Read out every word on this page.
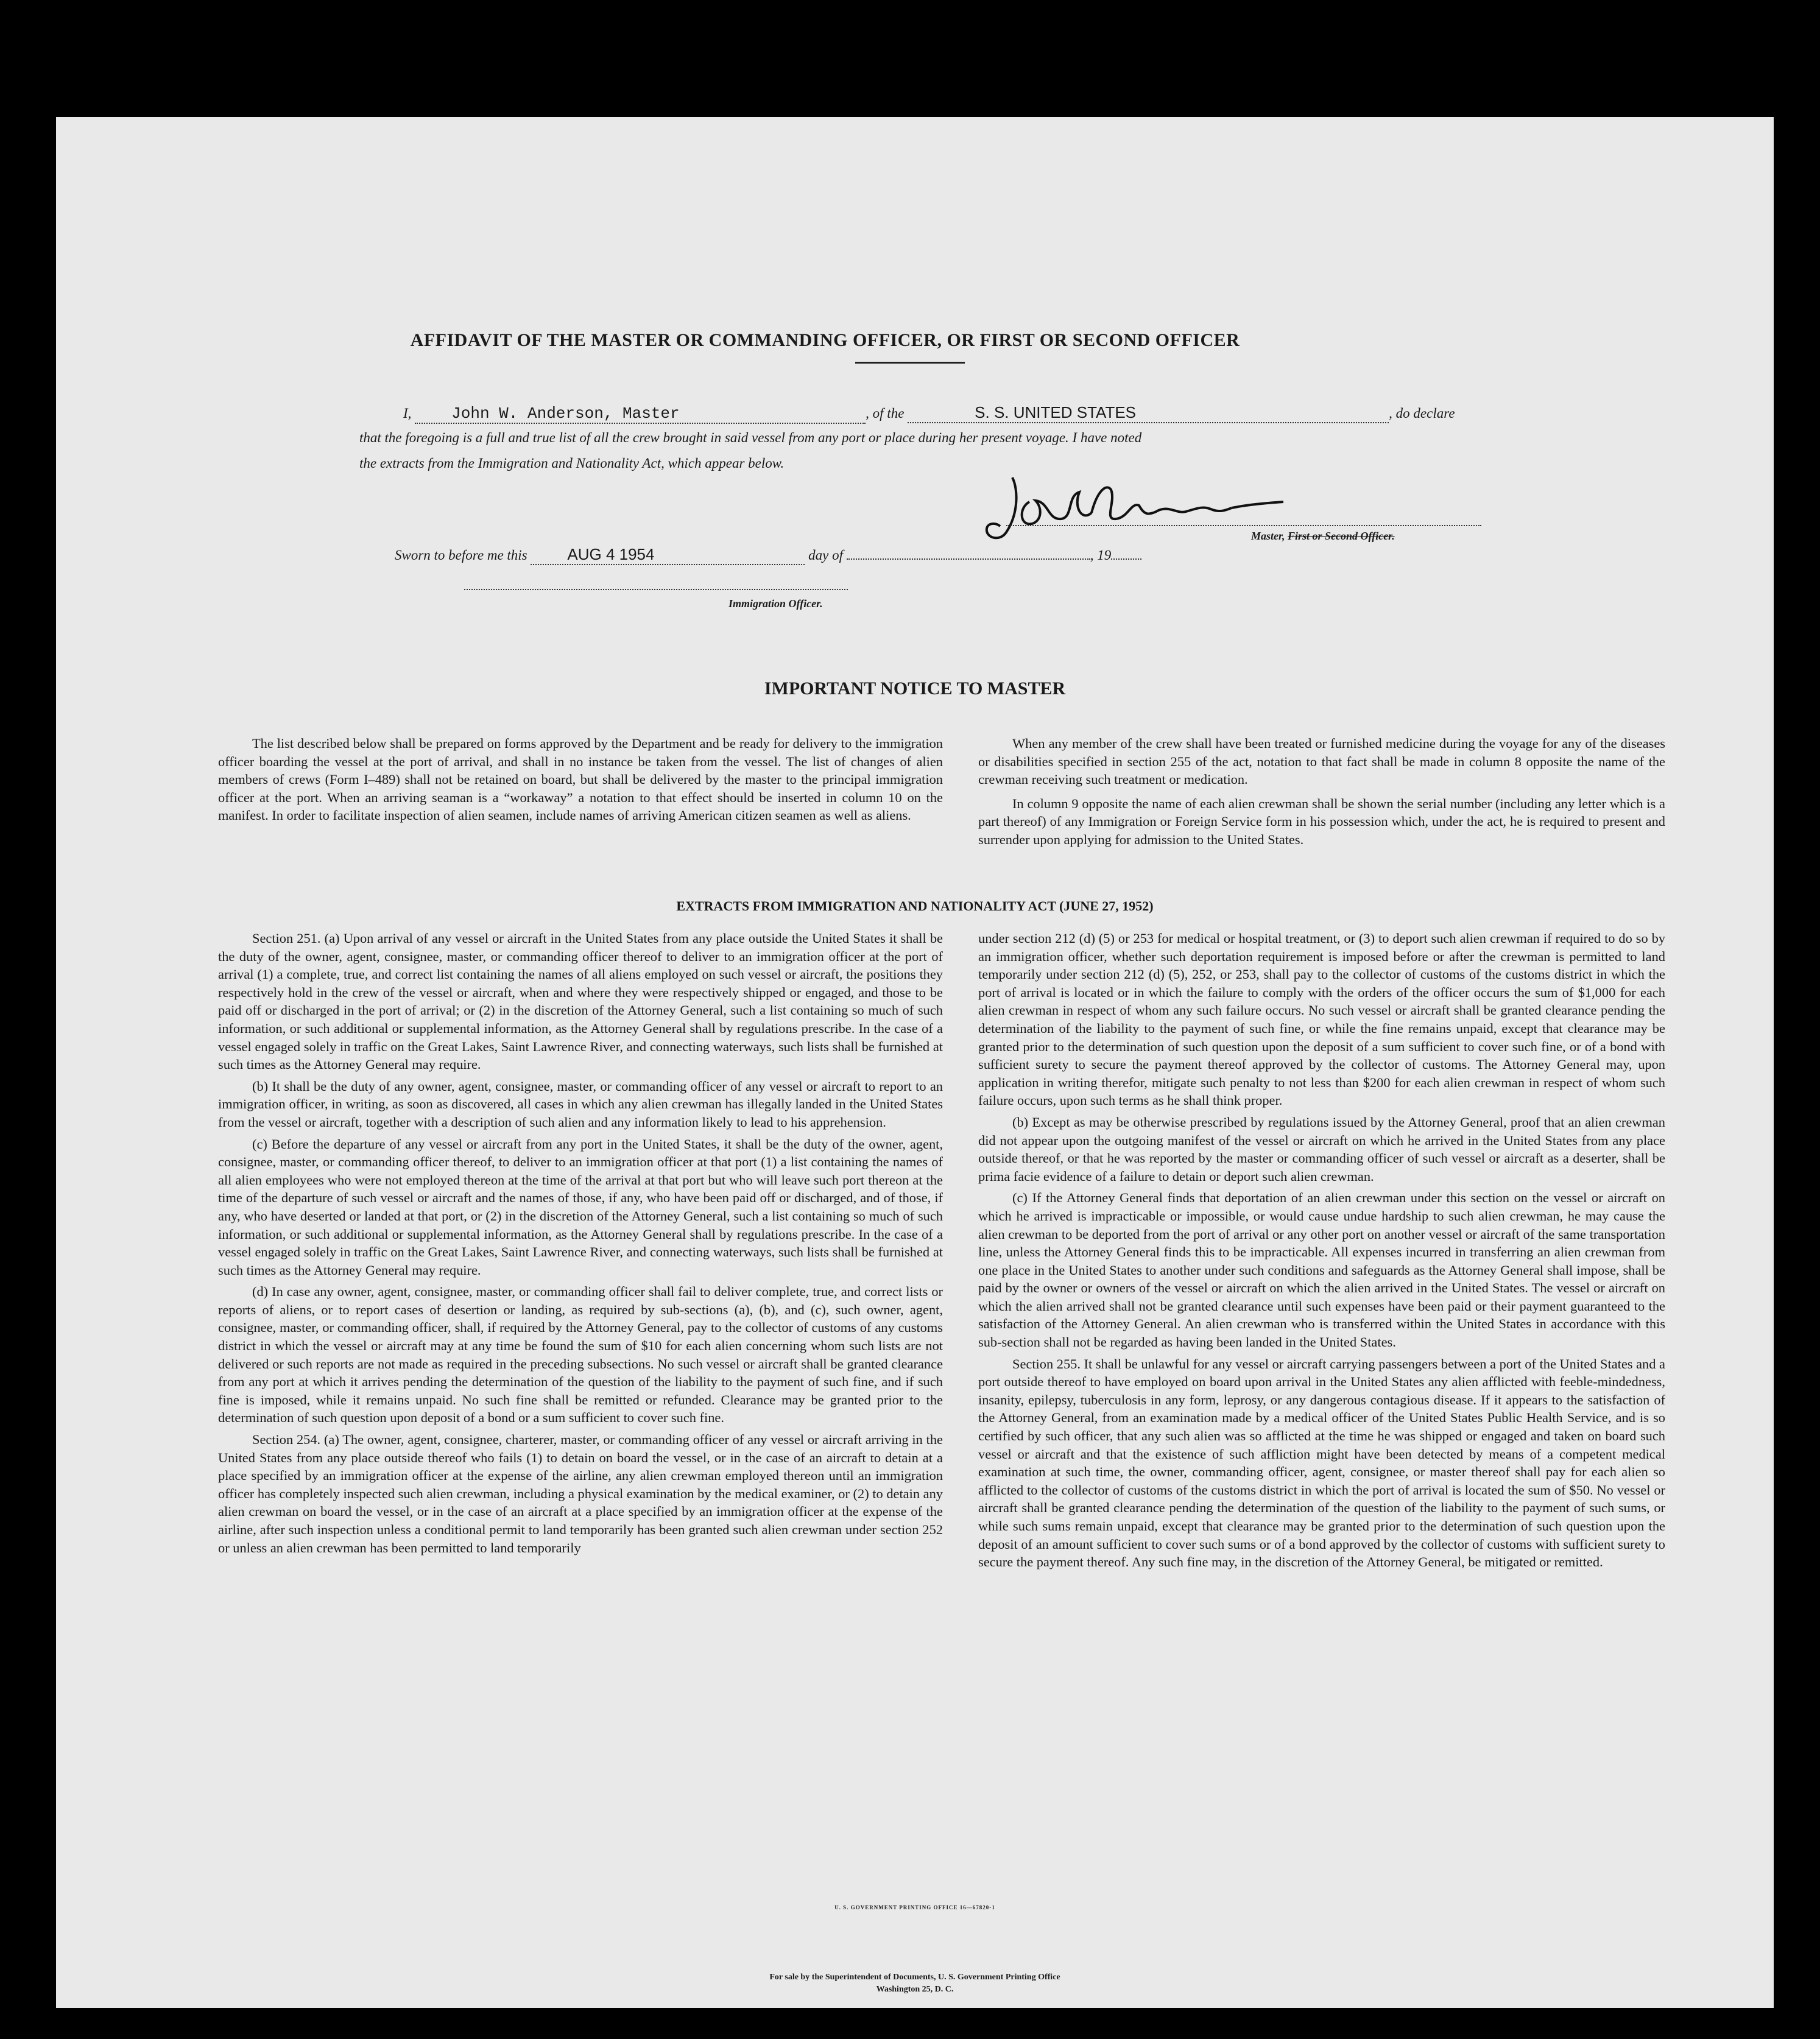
AFFIDAVIT OF THE MASTER OR COMMANDING OFFICER, OR FIRST OR SECOND OFFICER
I,	John W. Anderson, Master	, of the	S. S. UNITED STATES	, do declare
that the foregoing is a full and true list of all the crew brought in said vessel from any port or place during her present voyage. I have noted
the extracts from the Immigration and Nationality Act, which appear below.
Master, First or Second Officer.
Sworn to before me this	AUG 4 1954	day of	, 19
Immigration Officer.
IMPORTANT NOTICE TO MASTER

The list described below shall be prepared on forms approved by the Department and be ready for delivery to the immigration officer boarding the vessel at the port of arrival, and shall in no instance be taken from the vessel. The list of changes of alien members of crews (Form I–489) shall not be retained on board, but shall be delivered by the master to the principal immigration officer at the port. When an arriving seaman is a “workaway” a notation to that effect should be inserted in column 10 on the manifest. In order to facilitate inspection of alien seamen, include names of arriving American citizen seamen as well as aliens.

When any member of the crew shall have been treated or furnished medicine during the voyage for any of the diseases or disabilities specified in section 255 of the act, notation to that fact shall be made in column 8 opposite the name of the crewman receiving such treatment or medication.

In column 9 opposite the name of each alien crewman shall be shown the serial number (including any letter which is a part thereof) of any Immigration or Foreign Service form in his possession which, under the act, he is required to present and surrender upon applying for admission to the United States.

EXTRACTS FROM IMMIGRATION AND NATIONALITY ACT (JUNE 27, 1952)

Section 251. (a) Upon arrival of any vessel or aircraft in the United States from any place outside the United States it shall be the duty of the owner, agent, consignee, master, or commanding officer thereof to deliver to an immigration officer at the port of arrival (1) a complete, true, and correct list containing the names of all aliens employed on such vessel or aircraft, the positions they respectively hold in the crew of the vessel or aircraft, when and where they were respectively shipped or engaged, and those to be paid off or discharged in the port of arrival; or (2) in the discretion of the Attorney General, such a list containing so much of such information, or such additional or supplemental information, as the Attorney General shall by regulations prescribe. In the case of a vessel engaged solely in traffic on the Great Lakes, Saint Lawrence River, and connecting waterways, such lists shall be furnished at such times as the Attorney General may require.

(b) It shall be the duty of any owner, agent, consignee, master, or commanding officer of any vessel or aircraft to report to an immigration officer, in writing, as soon as discovered, all cases in which any alien crewman has illegally landed in the United States from the vessel or aircraft, together with a description of such alien and any information likely to lead to his apprehension.

(c) Before the departure of any vessel or aircraft from any port in the United States, it shall be the duty of the owner, agent, consignee, master, or commanding officer thereof, to deliver to an immigration officer at that port (1) a list containing the names of all alien employees who were not employed thereon at the time of the arrival at that port but who will leave such port thereon at the time of the departure of such vessel or aircraft and the names of those, if any, who have been paid off or discharged, and of those, if any, who have deserted or landed at that port, or (2) in the discretion of the Attorney General, such a list containing so much of such information, or such additional or supplemental information, as the Attorney General shall by regulations prescribe. In the case of a vessel engaged solely in traffic on the Great Lakes, Saint Lawrence River, and connecting waterways, such lists shall be furnished at such times as the Attorney General may require.

(d) In case any owner, agent, consignee, master, or commanding officer shall fail to deliver complete, true, and correct lists or reports of aliens, or to report cases of desertion or landing, as required by sub-sections (a), (b), and (c), such owner, agent, consignee, master, or commanding officer, shall, if required by the Attorney General, pay to the collector of customs of any customs district in which the vessel or aircraft may at any time be found the sum of $10 for each alien concerning whom such lists are not delivered or such reports are not made as required in the preceding subsections. No such vessel or aircraft shall be granted clearance from any port at which it arrives pending the determination of the question of the liability to the payment of such fine, and if such fine is imposed, while it remains unpaid. No such fine shall be remitted or refunded. Clearance may be granted prior to the determination of such question upon deposit of a bond or a sum sufficient to cover such fine.

Section 254. (a) The owner, agent, consignee, charterer, master, or commanding officer of any vessel or aircraft arriving in the United States from any place outside thereof who fails (1) to detain on board the vessel, or in the case of an aircraft to detain at a place specified by an immigration officer at the expense of the airline, any alien crewman employed thereon until an immigration officer has completely inspected such alien crewman, including a physical examination by the medical examiner, or (2) to detain any alien crewman on board the vessel, or in the case of an aircraft at a place specified by an immigration officer at the expense of the airline, after such inspection unless a conditional permit to land temporarily has been granted such alien crewman under section 252 or unless an alien crewman has been permitted to land temporarily

under section 212 (d) (5) or 253 for medical or hospital treatment, or (3) to deport such alien crewman if required to do so by an immigration officer, whether such deportation requirement is imposed before or after the crewman is permitted to land temporarily under section 212 (d) (5), 252, or 253, shall pay to the collector of customs of the customs district in which the port of arrival is located or in which the failure to comply with the orders of the officer occurs the sum of $1,000 for each alien crewman in respect of whom any such failure occurs. No such vessel or aircraft shall be granted clearance pending the determination of the liability to the payment of such fine, or while the fine remains unpaid, except that clearance may be granted prior to the determination of such question upon the deposit of a sum sufficient to cover such fine, or of a bond with sufficient surety to secure the payment thereof approved by the collector of customs. The Attorney General may, upon application in writing therefor, mitigate such penalty to not less than $200 for each alien crewman in respect of whom such failure occurs, upon such terms as he shall think proper.

(b) Except as may be otherwise prescribed by regulations issued by the Attorney General, proof that an alien crewman did not appear upon the outgoing manifest of the vessel or aircraft on which he arrived in the United States from any place outside thereof, or that he was reported by the master or commanding officer of such vessel or aircraft as a deserter, shall be prima facie evidence of a failure to detain or deport such alien crewman.

(c) If the Attorney General finds that deportation of an alien crewman under this section on the vessel or aircraft on which he arrived is impracticable or impossible, or would cause undue hardship to such alien crewman, he may cause the alien crewman to be deported from the port of arrival or any other port on another vessel or aircraft of the same transportation line, unless the Attorney General finds this to be impracticable. All expenses incurred in transferring an alien crewman from one place in the United States to another under such conditions and safeguards as the Attorney General shall impose, shall be paid by the owner or owners of the vessel or aircraft on which the alien arrived in the United States. The vessel or aircraft on which the alien arrived shall not be granted clearance until such expenses have been paid or their payment guaranteed to the satisfaction of the Attorney General. An alien crewman who is transferred within the United States in accordance with this sub-section shall not be regarded as having been landed in the United States.

Section 255. It shall be unlawful for any vessel or aircraft carrying passengers between a port of the United States and a port outside thereof to have employed on board upon arrival in the United States any alien afflicted with feeble-mindedness, insanity, epilepsy, tuberculosis in any form, leprosy, or any dangerous contagious disease. If it appears to the satisfaction of the Attorney General, from an examination made by a medical officer of the United States Public Health Service, and is so certified by such officer, that any such alien was so afflicted at the time he was shipped or engaged and taken on board such vessel or aircraft and that the existence of such affliction might have been detected by means of a competent medical examination at such time, the owner, commanding officer, agent, consignee, or master thereof shall pay for each alien so afflicted to the collector of customs of the customs district in which the port of arrival is located the sum of $50. No vessel or aircraft shall be granted clearance pending the determination of the question of the liability to the payment of such sums, or while such sums remain unpaid, except that clearance may be granted prior to the determination of such question upon the deposit of an amount sufficient to cover such sums or of a bond approved by the collector of customs with sufficient surety to secure the payment thereof. Any such fine may, in the discretion of the Attorney General, be mitigated or remitted.

U. S. GOVERNMENT PRINTING OFFICE 16—67820-1
For sale by the Superintendent of Documents, U. S. Government Printing Office
Washington 25, D. C.
